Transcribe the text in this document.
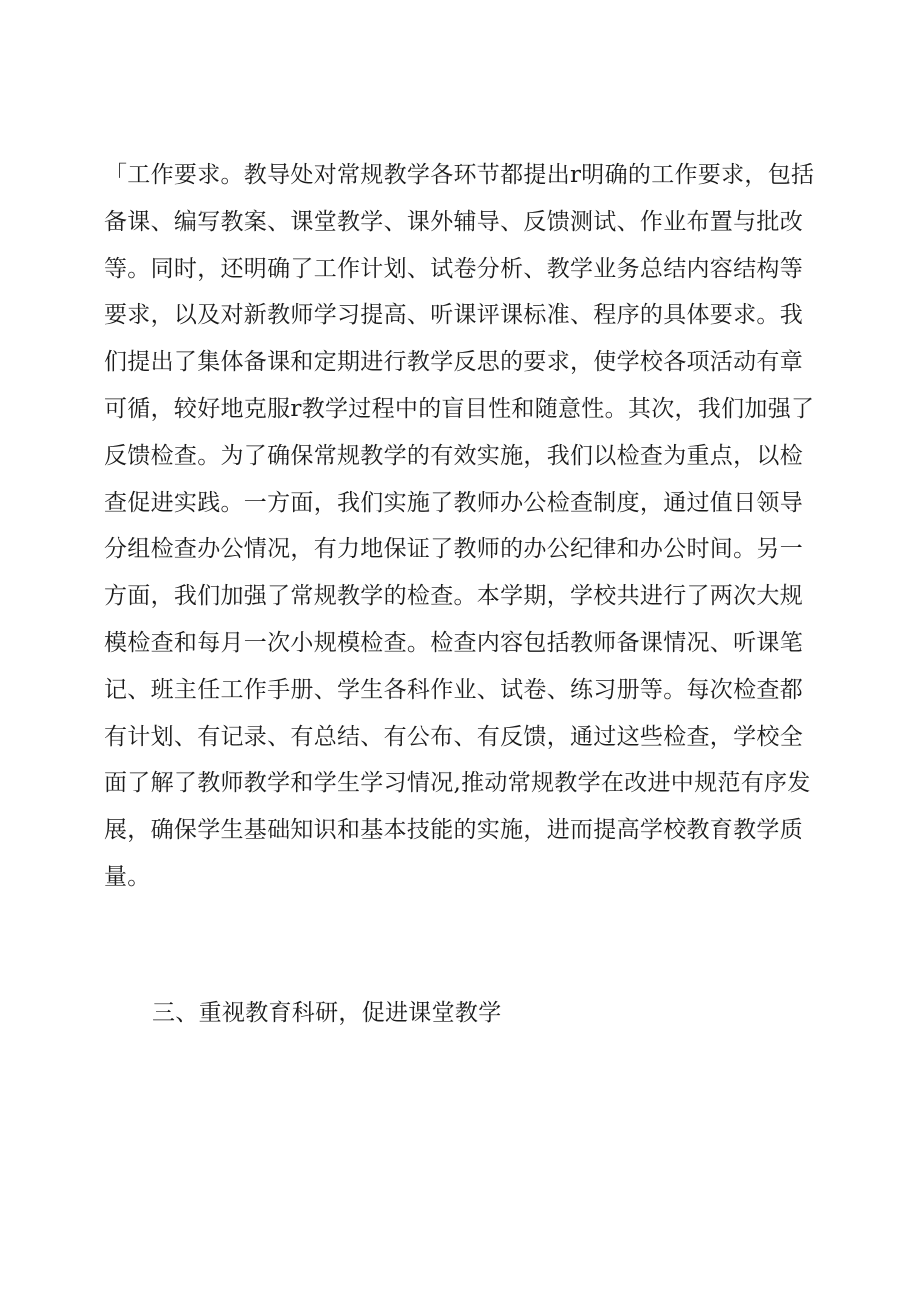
「工作要求。教导处对常规教学各环节都提出r明确的工作要求，包括
备课、编写教案、课堂教学、课外辅导、反馈测试、作业布置与批改
等。同时，还明确了工作计划、试卷分析、教学业务总结内容结构等
要求，以及对新教师学习提高、听课评课标准、程序的具体要求。我
们提出了集体备课和定期进行教学反思的要求，使学校各项活动有章
可循，较好地克服r教学过程中的盲目性和随意性。其次，我们加强了
反馈检查。为了确保常规教学的有效实施，我们以检查为重点，以检
查促进实践。一方面，我们实施了教师办公检查制度，通过值日领导
分组检查办公情况，有力地保证了教师的办公纪律和办公时间。另一
方面，我们加强了常规教学的检查。本学期，学校共进行了两次大规
模检查和每月一次小规模检查。检查内容包括教师备课情况、听课笔
记、班主任工作手册、学生各科作业、试卷、练习册等。每次检查都
有计划、有记录、有总结、有公布、有反馈，通过这些检查，学校全
面了解了教师教学和学生学习情况,推动常规教学在改进中规范有序发
展，确保学生基础知识和基本技能的实施，进而提高学校教育教学质
量。
三、重视教育科研，促进课堂教学
